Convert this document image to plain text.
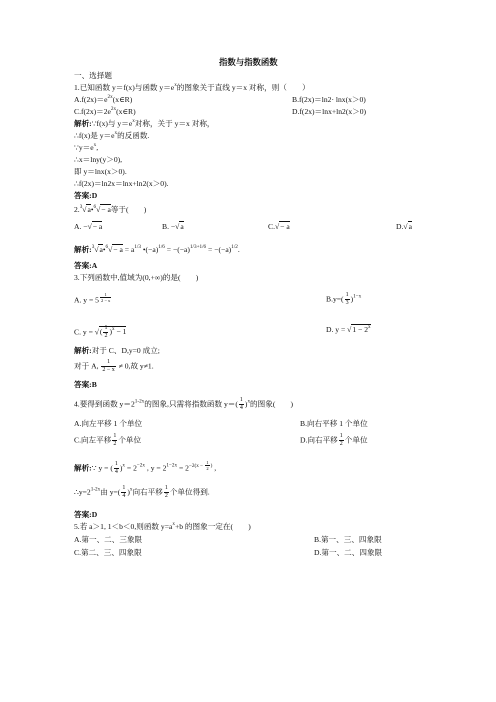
指数与指数函数
一、选择题
1.已知函数 y＝f(x)与函数 $y=e^x$的图象关于直线 y＝x 对称，则（　　）
$A.f(2x)=e^{2x}(x\in R)$	B.f(2x)＝ln2· lnx(x＞0)
$C.f(2x)=2e^{2x}(x\in R)$	D.f(2x)＝lnx+ln2(x＞0)
解析:∵f(x)与 $y=e^x$对称，关于 y＝x 对称，
∴f(x)是 $y=e^x$的反函数.
$\because y=e^x$,
∴x＝lny(y＞0),
即 y＝lnx(x＞0).
∴f(2x)＝ln2x＝lnx+ln2(x＞0).
答案:D
2.$^3$√a•$^6$√− a等于(　　)
A. −√− a	B. −√a	C.√− a	D.√a
解析:$^3$√a•$^6$√− $a = a^{1/3}$ $•(-a)^{1/6} = -(-a)^{1/3+1/6} = -(-a)^{1/2}$.
答案:A
3.下列函数中,值域为(0,+∞)的是(　　)
A. y = 5 $^{\frac{1}{2 - x}}$	$B.y=( \frac{1}{3} )^{1-x}$
C. y = √( $\frac{1}{2} )^x - 1$	D. $y = √1 - 2^x$
解析:对于 C、D,y=0 成立;
对于 A, $\frac{1}{2 - x} \ne 0$,故 y≠1.
答案:B
4.要得到函数 $y=2^{1-2x}$的图象,只需将指数函数 $y=( \frac{1}{4} )^x$的图象(　　)
A.向左平移 1 个单位	B.向右平移 1 个单位
C.向左平移 $\frac{1}{2}$ 个单位	D.向右平移 $\frac{1}{2}$ 个单位
解析:∵ y = ( $\frac{1}{4} )^x = 2^{-2x}$ , $y = 2^{1-2x} = 2^{-2(x - \frac{1}{2} )}$ ,
$\therefore y=2^{1-2x}$由 $y=( \frac{1}{4} )^x$向右平移 $\frac{1}{2}$ 个单位得到.
答案:D
5.若 a＞1, 1＜b＜0,则函数 $y=a^x+b$ 的图象一定在(　　)
A.第一、二、三象限	B.第一、三、四象限
C.第二、三、四象限	D.第一、二、四象限
